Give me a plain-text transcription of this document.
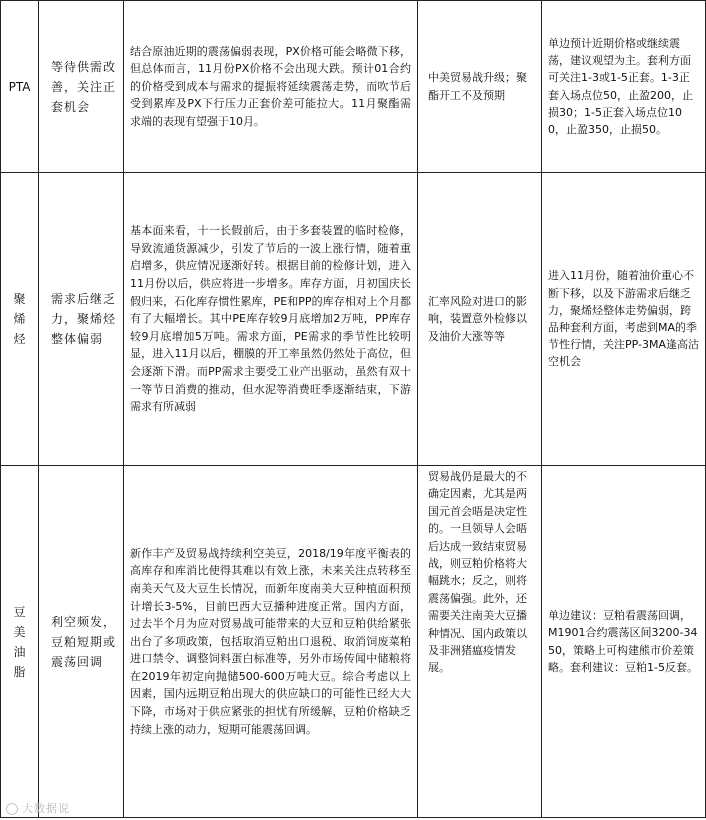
PTA	等待供需改善，关注正套机会	结合原油近期的震荡偏弱表现，PX价格可能会略微下移，但总体而言，11月份PX价格不会出现大跌。预计01合约的价格受到成本与需求的提振将延续震荡走势，而吹节后受到累库及PX下行压力正套价差可能拉大。11月聚酯需求端的表现有望强于10月。	中美贸易战升级；聚酯开工不及预期	单边预计近期价格或继续震荡，建议观望为主。套利方面可关注1-3或1-5正套。1-3正套入场点位50，止盈200，止损30；1-5正套入场点位100，止盈350，止损50。
聚烯烃	需求后继乏力，聚烯烃整体偏弱	基本面来看，十一长假前后，由于多套装置的临时检修，导致流通货源减少，引发了节后的一波上涨行情，随着重启增多，供应情况逐渐好转。根据目前的检修计划，进入11月份以后，供应将进一步增多。库存方面，月初国庆长假归来，石化库存惯性累库，PE和PP的库存相对上个月都有了大幅增长。其中PE库存较9月底增加2万吨，PP库存较9月底增加5万吨。需求方面，PE需求的季节性比较明显，进入11月以后，棚膜的开工率虽然仍然处于高位，但会逐渐下滑。而PP需求主要受工业产出驱动，虽然有双十一等节日消费的推动，但水泥等消费旺季逐渐结束，下游需求有所减弱	汇率风险对进口的影响，装置意外检修以及油价大涨等等	进入11月份，随着油价重心不断下移，以及下游需求后继乏力，聚烯烃整体走势偏弱，跨品种套利方面，考虑到MA的季节性行情，关注PP-3MA逢高沽空机会
豆美油脂	利空频发，豆粕短期或震荡回调	新作丰产及贸易战持续利空美豆，2018/19年度平衡表的高库存和库消比使得其难以有效上涨，未来关注点转移至南美天气及大豆生长情况，而新年度南美大豆种植面积预计增长3-5%，目前巴西大豆播种进度正常。国内方面，过去半个月为应对贸易战可能带来的大豆和豆粕供给紧张出台了多项政策，包括取消豆粕出口退税、取消饲废菜粕进口禁令、调整饲料蛋白标准等，另外市场传闻中储粮将在2019年初定向抛储500-600万吨大豆。综合考虑以上因素，国内远期豆粕出现大的供应缺口的可能性已经大大下降，市场对于供应紧张的担忧有所缓解，豆粕价格缺乏持续上涨的动力，短期可能震荡回调。	贸易战仍是最大的不确定因素，尤其是两国元首会晤是决定性的。一旦领导人会晤后达成一致结束贸易战，则豆粕价格将大幅跳水；反之，则将震荡偏强。此外，还需要关注南美大豆播种情况、国内政策以及非洲猪瘟疫情发展。	单边建议：豆粕看震荡回调，M1901合约震荡区间3200-3450，策略上可构建熊市价差策略。套利建议：豆粕1-5反套。
大数据说
